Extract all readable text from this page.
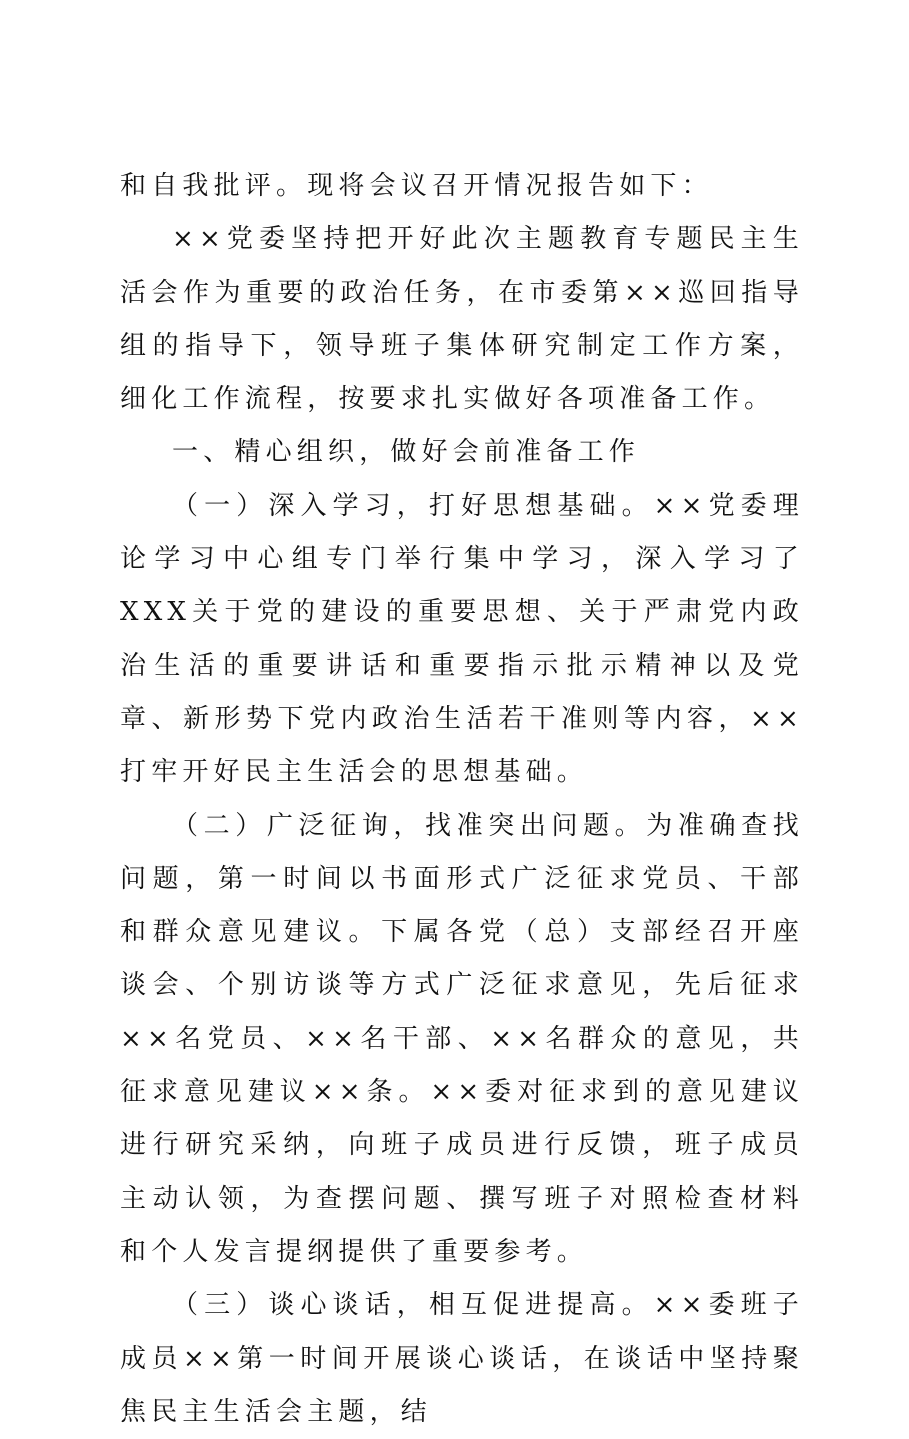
和自我批评。现将会议召开情况报告如下：

××党委坚持把开好此次主题教育专题民主生活会作为重要的政治任务，在市委第××巡回指导组的指导下，领导班子集体研究制定工作方案，细化工作流程，按要求扎实做好各项准备工作。

一、精心组织，做好会前准备工作

（一）深入学习，打好思想基础。××党委理论学习中心组专门举行集中学习，深入学习了XXX关于党的建设的重要思想、关于严肃党内政治生活的重要讲话和重要指示批示精神以及党章、新形势下党内政治生活若干准则等内容，××打牢开好民主生活会的思想基础。

（二）广泛征询，找准突出问题。为准确查找问题，第一时间以书面形式广泛征求党员、干部和群众意见建议。下属各党（总）支部经召开座谈会、个别访谈等方式广泛征求意见，先后征求××名党员、××名干部、××名群众的意见，共征求意见建议××条。××委对征求到的意见建议进行研究采纳，向班子成员进行反馈，班子成员主动认领，为查摆问题、撰写班子对照检查材料和个人发言提纲提供了重要参考。

（三）谈心谈话，相互促进提高。××委班子成员××第一时间开展谈心谈话，在谈话中坚持聚焦民主生活会主题，结
